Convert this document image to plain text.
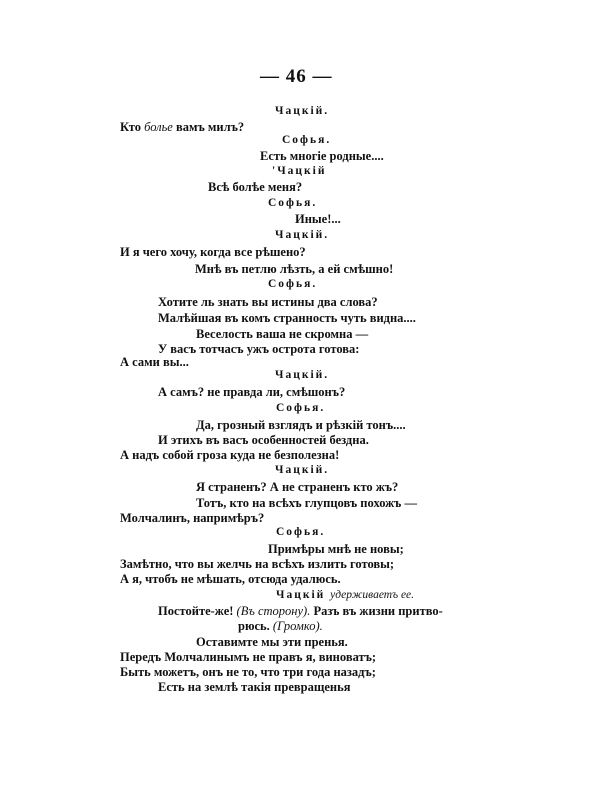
— 46 —
Чацкій.
Кто болье вамъ милъ?
Софья.
Есть многіе родные....
'Чацкій
Всѣ болѣе меня?
Софья.
Иные!...
Чацкій.
И я чего хочу, когда все рѣшено?
Мнѣ въ петлю лѣзть, а ей смѣшно!
Софья.
Хотите ль знать вы истины два слова?
Малѣйшая въ комъ странность чуть видна....
Веселость ваша не скромна —
У васъ тотчасъ ужъ острота готова:
А сами вы...
Чацкій.
А самъ? не правда ли, смѣшонъ?
Софья.
Да, грозный взглядъ и рѣзкій тонъ....
И этихъ въ васъ особенностей бездна.
А надъ собой гроза куда не безполезна!
Чацкій.
Я страненъ? А не страненъ кто жъ?
Тотъ, кто на всѣхъ глупцовъ похожъ —
Молчалинъ, напримѣръ?
Софья.
Примѣры мнѣ не новы;
Замѣтно, что вы желчь на всѣхъ излить готовы;
А я, чтобъ не мѣшать, отсюда удалюсь.
Чацкій удерживаетъ ее.
Постойте-же! (Въ сторону). Разъ въ жизни притво-
рюсь. (Громко).
Оставимте мы эти пренья.
Передъ Молчалинымъ не правъ я, виноватъ;
Быть можетъ, онъ не то, что три года назадъ;
Есть на землѣ такія превращенья
